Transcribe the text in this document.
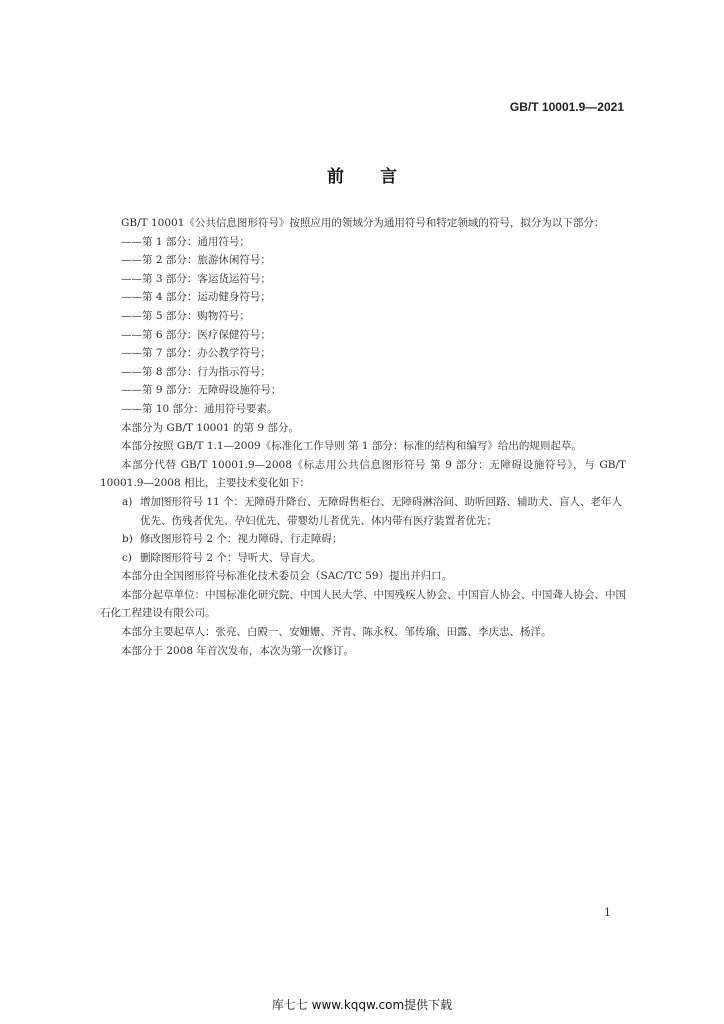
GB/T 10001.9—2021
前言

GB/T 10001《公共信息图形符号》按照应用的领域分为通用符号和特定领域的符号，拟分为以下部分：

——第 1 部分：通用符号；

——第 2 部分：旅游休闲符号；

——第 3 部分：客运货运符号；

——第 4 部分：运动健身符号；

——第 5 部分：购物符号；

——第 6 部分：医疗保健符号；

——第 7 部分：办公教学符号；

——第 8 部分：行为指示符号；

——第 9 部分：无障碍设施符号；

——第 10 部分：通用符号要素。

本部分为 GB/T 10001 的第 9 部分。

本部分按照 GB/T 1.1—2009《标准化工作导则 第 1 部分：标准的结构和编写》给出的规则起草。

本部分代替 GB/T 10001.9—2008《标志用公共信息图形符号 第 9 部分：无障碍设施符号》，与 GB/T 10001.9—2008 相比，主要技术变化如下：

a) 增加图形符号 11 个：无障碍升降台、无障碍售柜台、无障碍淋浴间、助听回路、辅助犬、盲人、老年人优先、伤残者优先、孕妇优先、带婴幼儿者优先、体内带有医疗装置者优先；

b) 修改图形符号 2 个：视力障碍、行走障碍；

c) 删除图形符号 2 个：导听犬、导盲犬。

本部分由全国图形符号标准化技术委员会（SAC/TC 59）提出并归口。

本部分起草单位：中国标准化研究院、中国人民大学、中国残疾人协会、中国盲人协会、中国聋人协会、中国石化工程建设有限公司。

本部分主要起草人：张亮、白殿一、安姗姗、齐青、陈永权、邹传瑜、田露、李庆忠、杨洋。

本部分于 2008 年首次发布，本次为第一次修订。

1
库七七 www.kqqw.com提供下载
